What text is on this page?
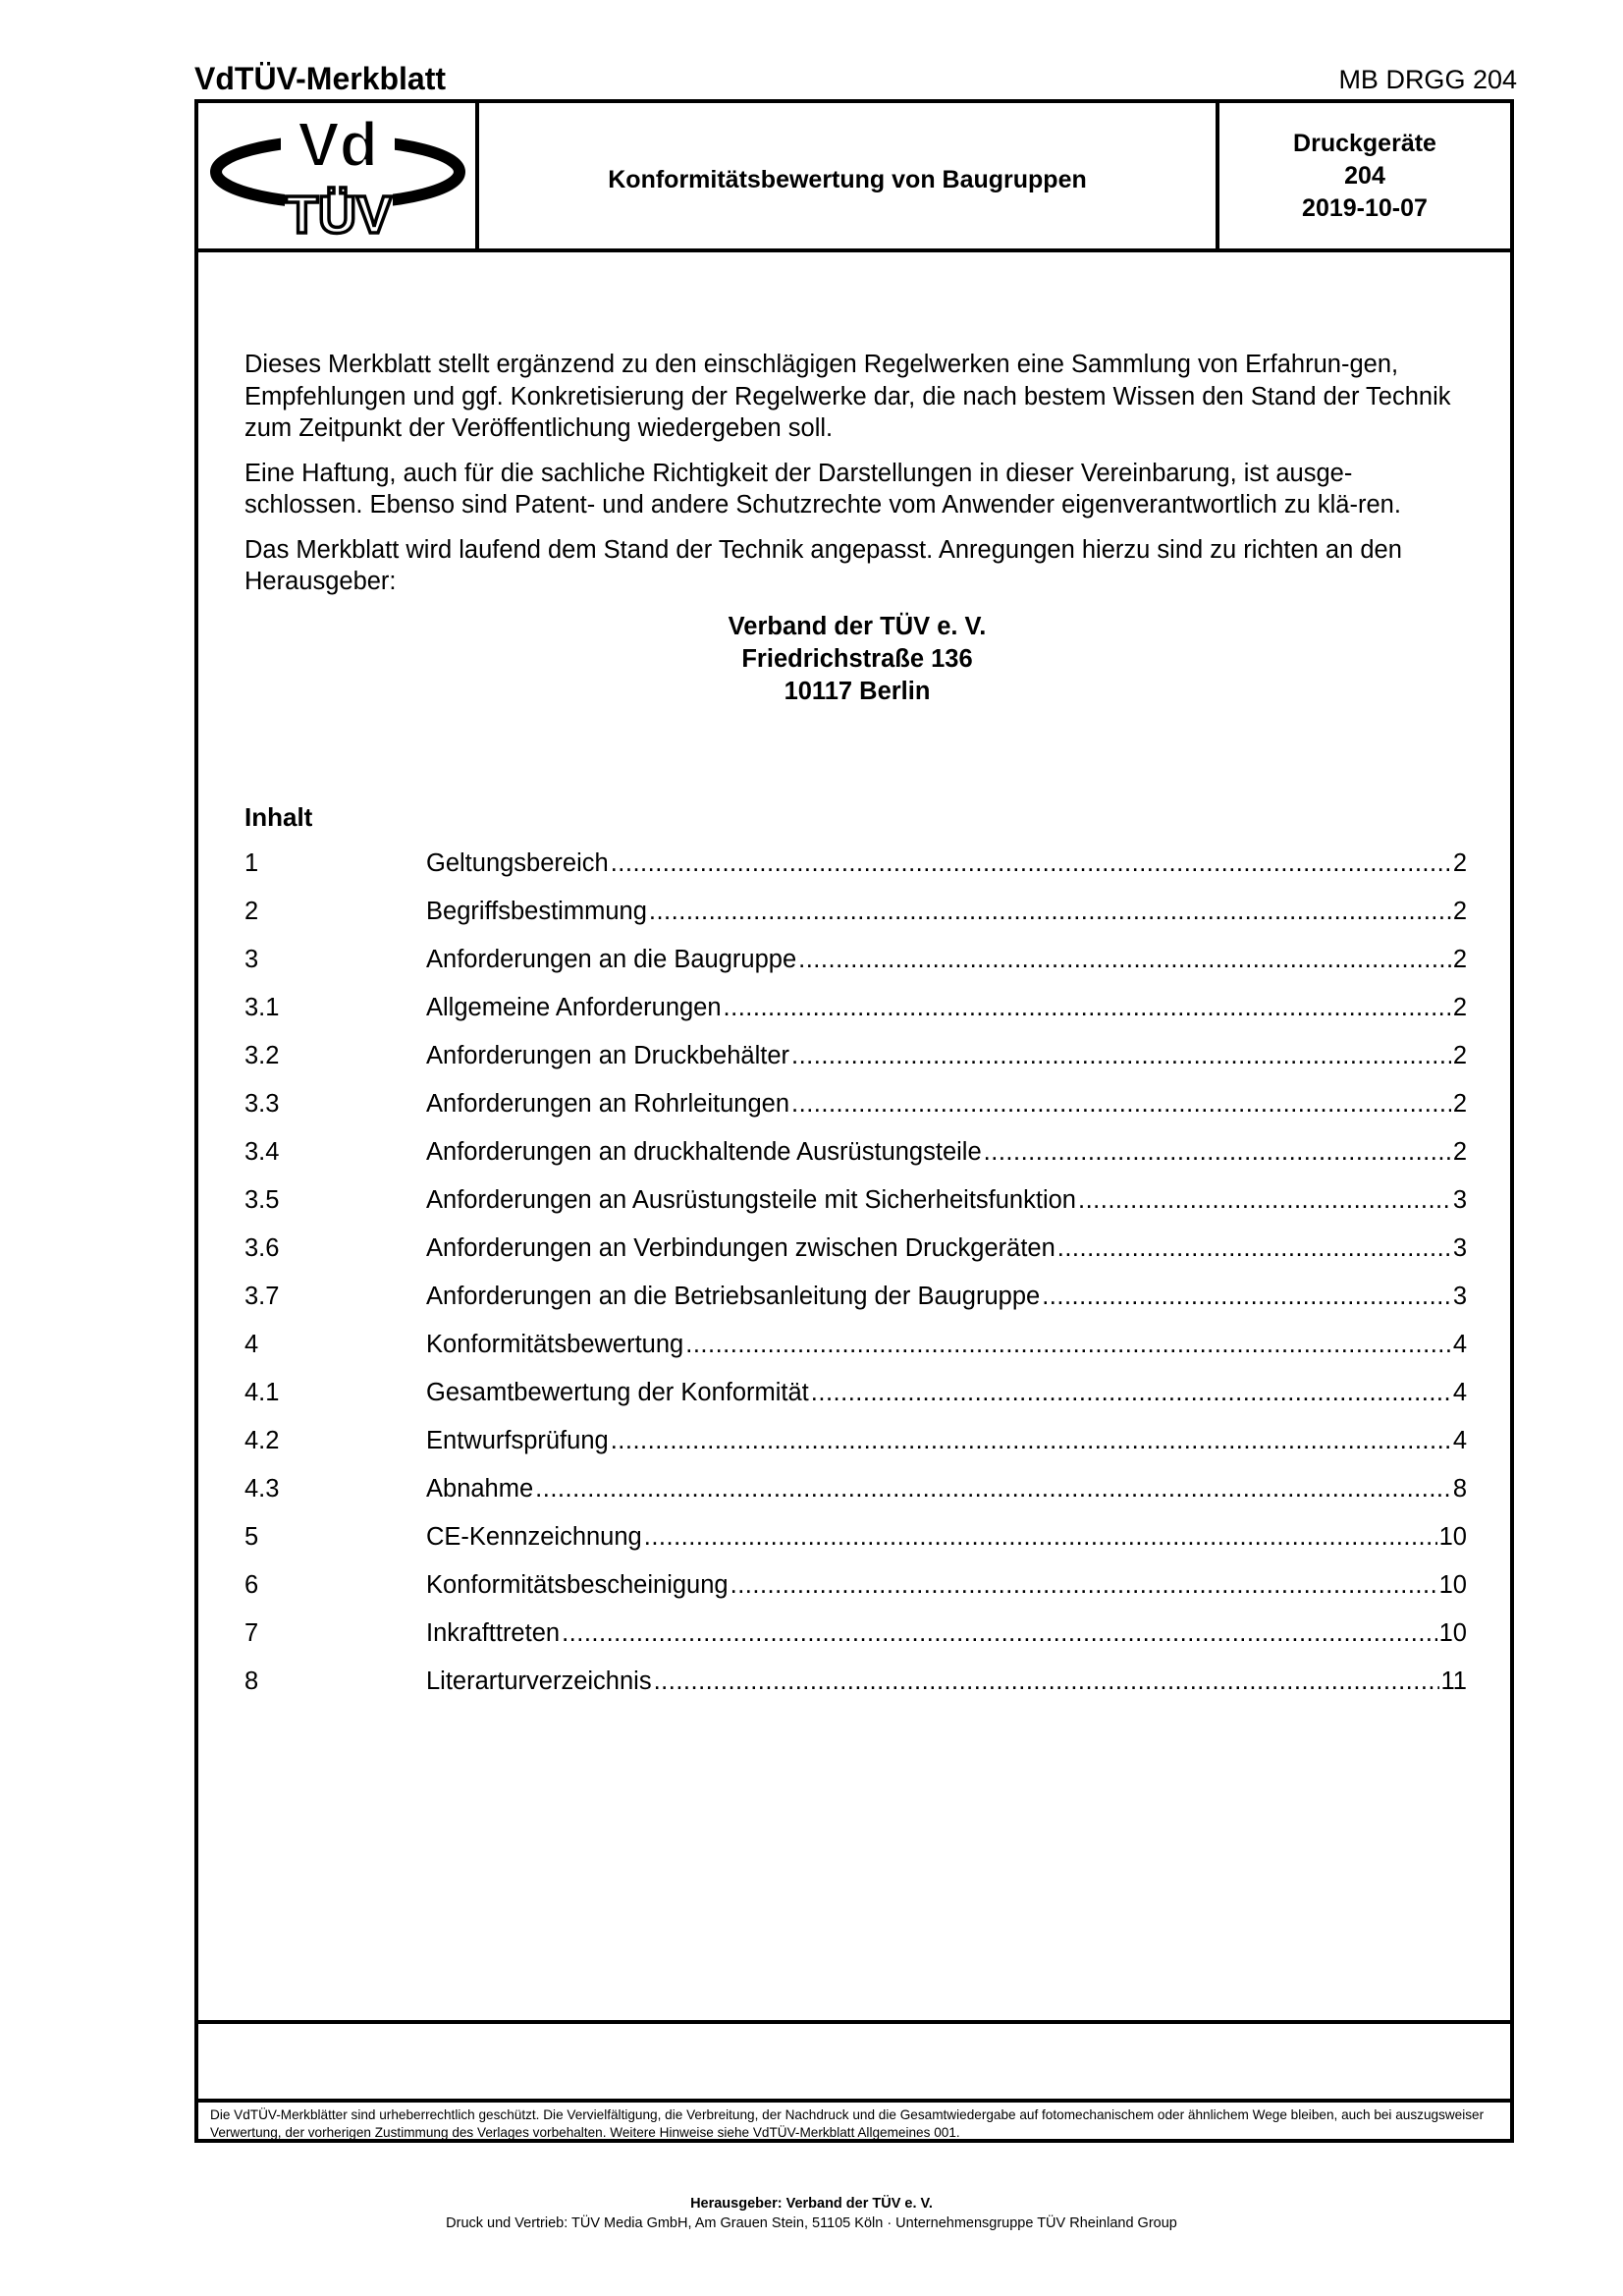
VdTÜV-Merkblatt	MB DRGG 204
Vd
TÜV
Konformitätsbewertung von Baugruppen
Druckgeräte
204
2019-10-07

Dieses Merkblatt stellt ergänzend zu den einschlägigen Regelwerken eine Sammlung von Erfahrun-gen, Empfehlungen und ggf. Konkretisierung der Regelwerke dar, die nach bestem Wissen den Stand der Technik zum Zeitpunkt der Veröffentlichung wiedergeben soll.

Eine Haftung, auch für die sachliche Richtigkeit der Darstellungen in dieser Vereinbarung, ist ausge-schlossen. Ebenso sind Patent- und andere Schutzrechte vom Anwender eigenverantwortlich zu klä-ren.

Das Merkblatt wird laufend dem Stand der Technik angepasst. Anregungen hierzu sind zu richten an den Herausgeber:

Verband der TÜV e. V.
Friedrichstraße 136
10117 Berlin
Inhalt
1	Geltungsbereich .....	2
2	Begriffsbestimmung .....	2
3	Anforderungen an die Baugruppe .....	2
3.1	Allgemeine Anforderungen .....	2
3.2	Anforderungen an Druckbehälter .....	2
3.3	Anforderungen an Rohrleitungen .....	2
3.4	Anforderungen an druckhaltende Ausrüstungsteile .....	2
3.5	Anforderungen an Ausrüstungsteile mit Sicherheitsfunktion .....	3
3.6	Anforderungen an Verbindungen zwischen Druckgeräten .....	3
3.7	Anforderungen an die Betriebsanleitung der Baugruppe .....	3
4	Konformitätsbewertung .....	4
4.1	Gesamtbewertung der Konformität .....	4
4.2	Entwurfsprüfung .....	4
4.3	Abnahme .....	8
5	CE-Kennzeichnung .....	10
6	Konformitätsbescheinigung .....	10
7	Inkrafttreten .....	10
8	Literarturverzeichnis .....	11
Die VdTÜV-Merkblätter sind urheberrechtlich geschützt. Die Vervielfältigung, die Verbreitung, der Nachdruck und die Gesamtwiedergabe auf fotomechanischem oder ähnlichem Wege bleiben, auch bei auszugsweiser Verwertung, der vorherigen Zustimmung des Verlages vorbehalten. Weitere Hinweise siehe VdTÜV-Merkblatt Allgemeines 001.
Herausgeber: Verband der TÜV e. V.
Druck und Vertrieb: TÜV Media GmbH, Am Grauen Stein, 51105 Köln · Unternehmensgruppe TÜV Rheinland Group
